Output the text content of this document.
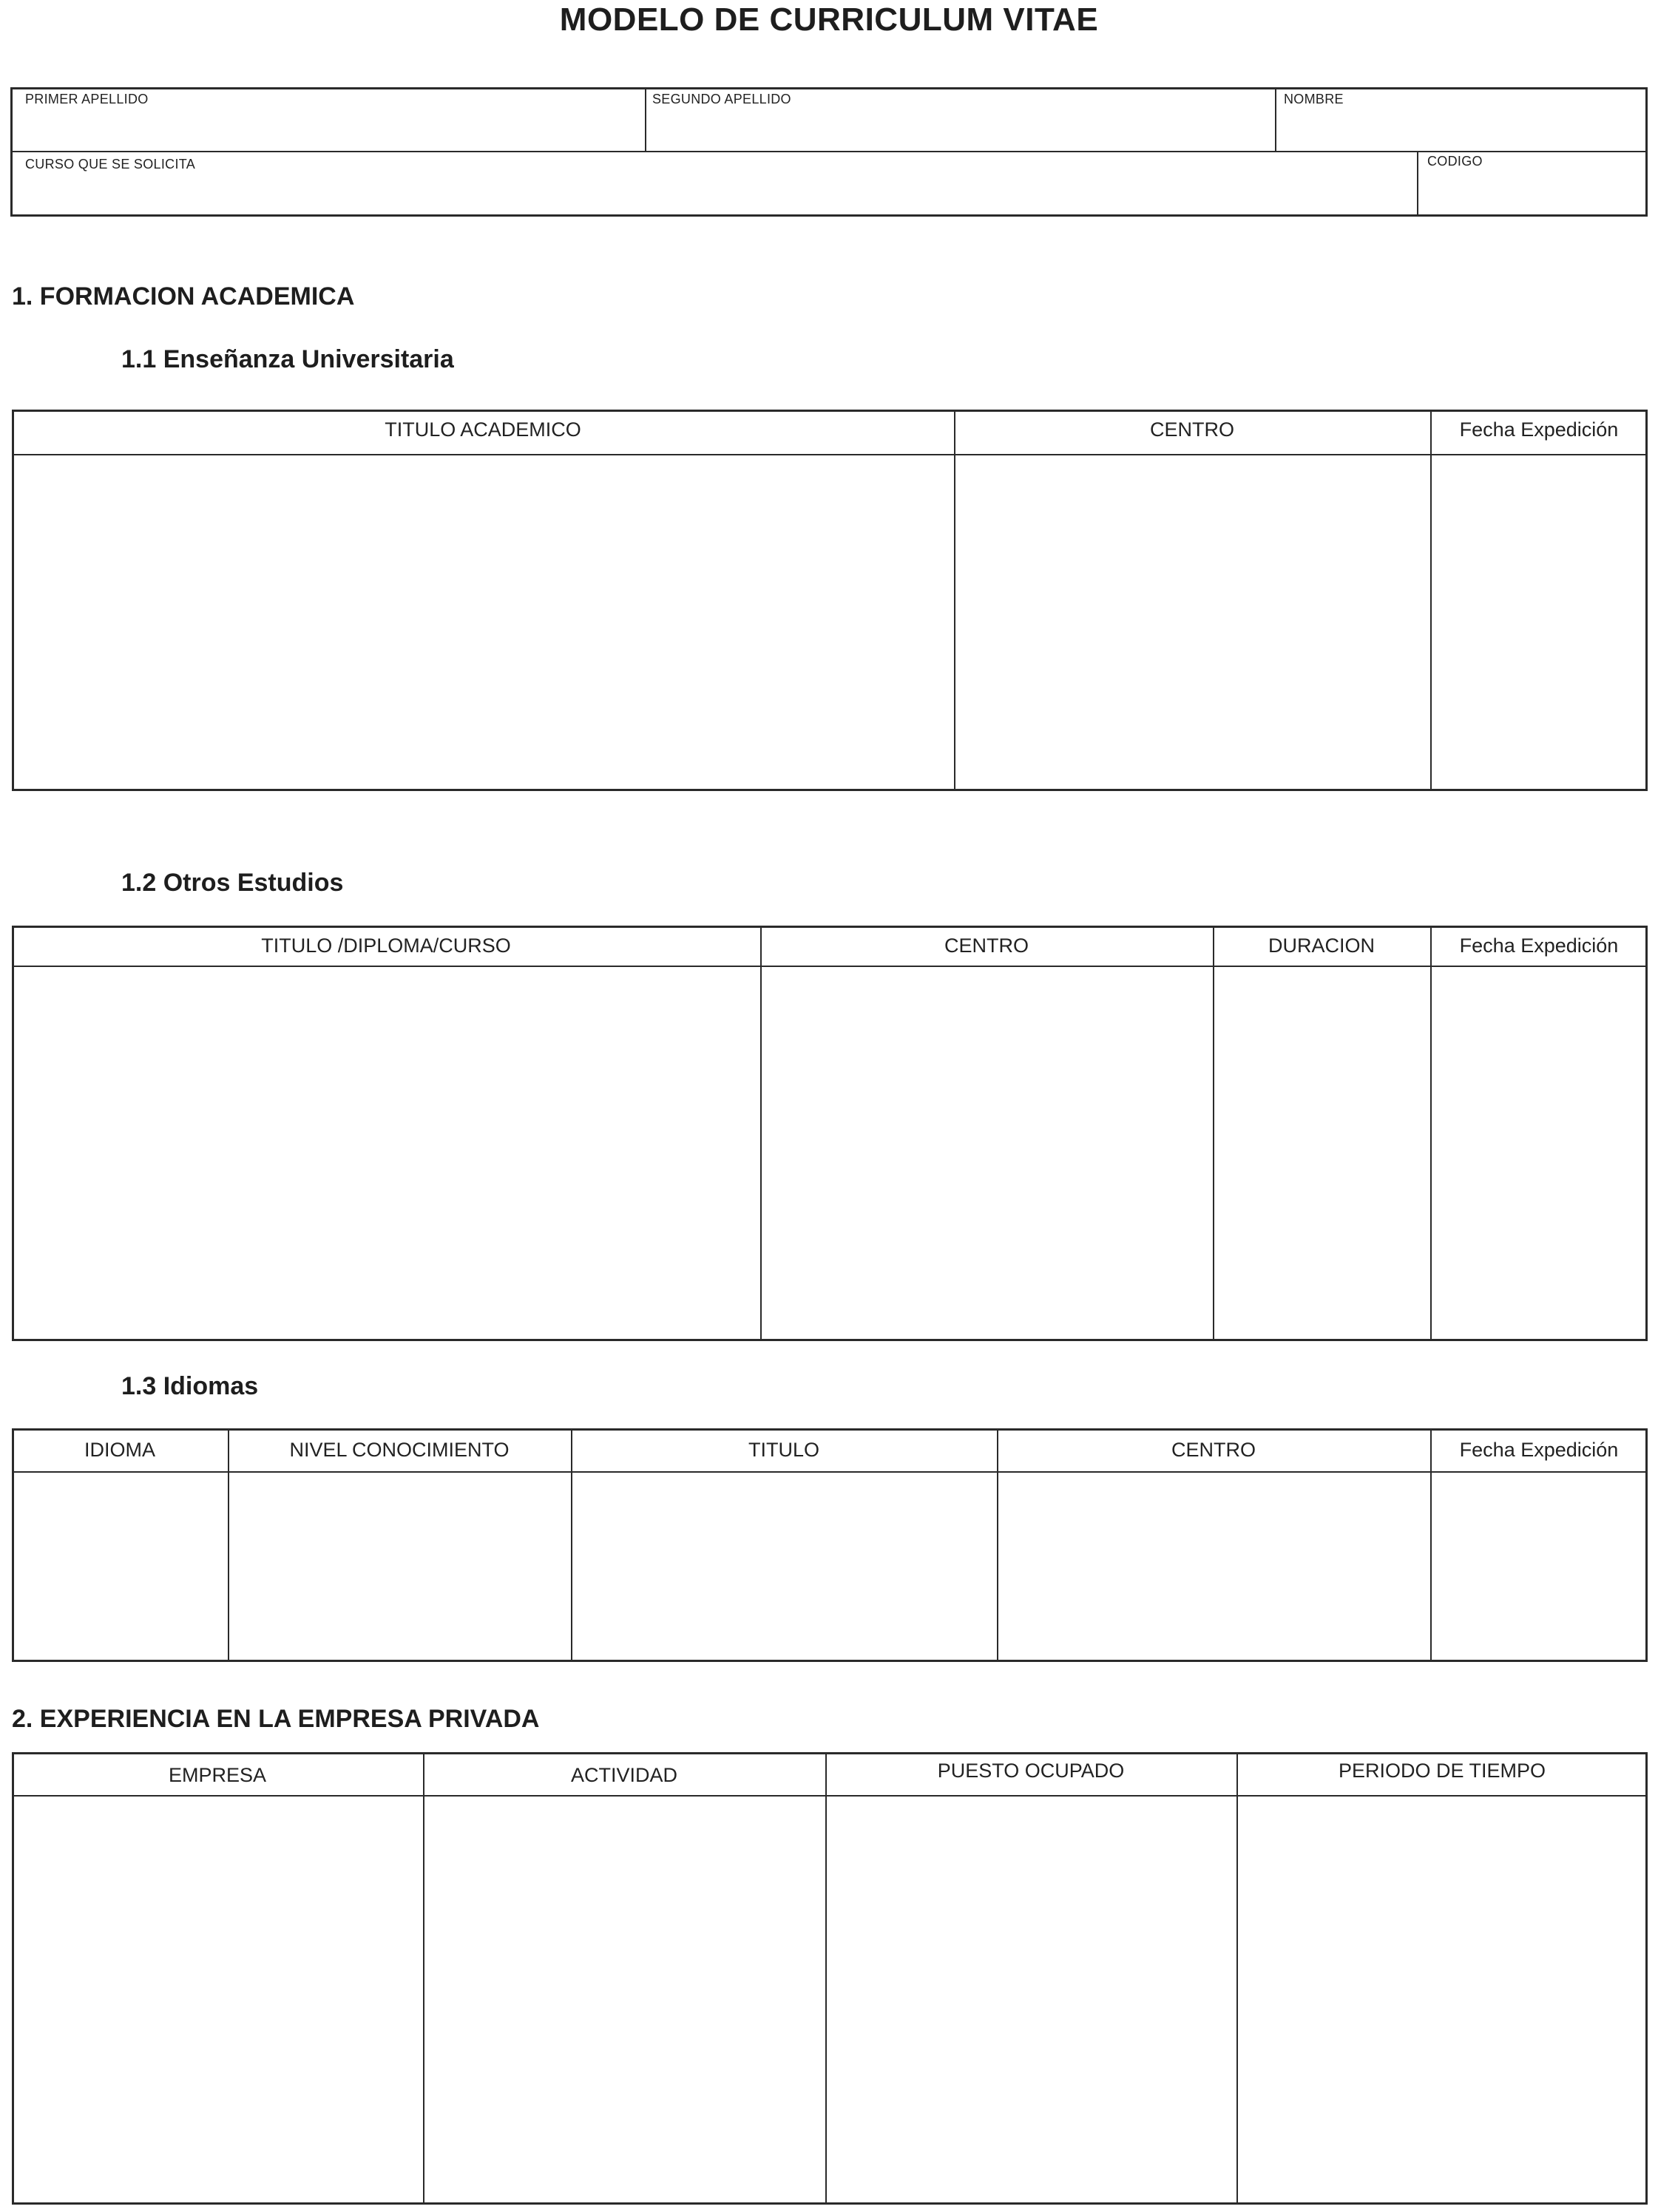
MODELO DE CURRICULUM VITAE
PRIMER APELLIDO	SEGUNDO APELLIDO	NOMBRE
CURSO QUE SE SOLICITA	CODIGO
1. FORMACION ACADEMICA
1.1 Enseñanza Universitaria
TITULO ACADEMICO	CENTRO	Fecha Expedición
1.2 Otros Estudios
TITULO /DIPLOMA/CURSO	CENTRO	DURACION	Fecha Expedición
1.3 Idiomas
IDIOMA	NIVEL CONOCIMIENTO	TITULO	CENTRO	Fecha Expedición
2. EXPERIENCIA EN LA EMPRESA PRIVADA
EMPRESA	ACTIVIDAD	PUESTO OCUPADO	PERIODO DE TIEMPO
